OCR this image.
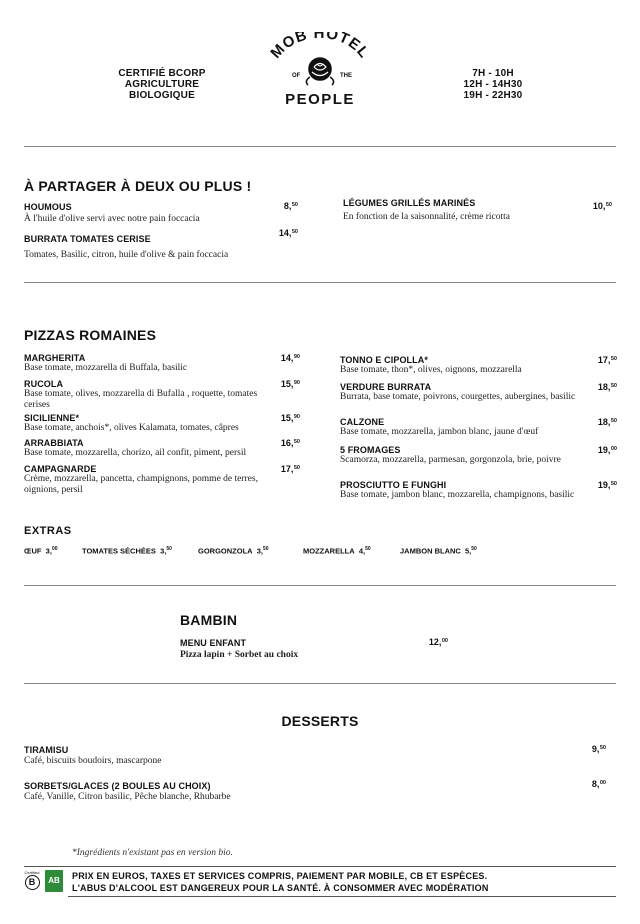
CERTIFIÉ BCORP
AGRICULTURE
BIOLOGIQUE
MOB HOTEL
OF	THE
PEOPLE
7H - 10H
12H - 14H30
19H - 22H30
À PARTAGER À DEUX OU PLUS !
HOUMOUS
À l'huile d'olive servi avec notre pain foccacia
8,50
BURRATA TOMATES CERISE
Tomates, Basilic, citron, huile d'olive & pain foccacia
14,50
LÉGUMES GRILLÉS MARINÉS
En fonction de la saisonnalité, crème ricotta
10,50
PIZZAS ROMAINES
MARGHERITA
Base tomate, mozzarella di Buffala, basilic
14,90
RUCOLA
Base tomate, olives, mozzarella di Bufalla , roquette, tomates cerises
15,90
SICILIENNE*
Base tomate, anchois*, olives Kalamata, tomates, câpres
15,90
ARRABBIATA
Base tomate, mozzarella, chorizo, ail confit, piment, persil
16,50
CAMPAGNARDE
Crème, mozzarella, pancetta, champignons, pomme de terres, oignions, persil
17,50
TONNO E CIPOLLA*
Base tomate, thon*, olives, oignons, mozzarella
17,50
VERDURE BURRATA
Burrata, base tomate, poivrons, courgettes, aubergines, basilic
18,50
CALZONE
Base tomate, mozzarella, jambon blanc, jaune d'œuf
18,50
5 FROMAGES
Scamorza, mozzarella, parmesan, gorgonzola, brie, poivre
19,00
PROSCIUTTO E FUNGHI
Base tomate, jambon blanc, mozzarella, champignons, basilic
19,50
EXTRAS
ŒUF 3,00	TOMATES SÉCHÉES 3,50	GORGONZOLA 3,50	MOZZARELLA 4,50	JAMBON BLANC 5,50
BAMBIN
MENU ENFANT
Pizza lapin + Sorbet au choix
12,00
DESSERTS
TIRAMISU
Café, biscuits boudoirs, mascarpone
9,50
SORBETS/GLACES (2 BOULES AU CHOIX)
Café, Vanille, Citron basilic, Pêche blanche, Rhubarbe
8,00
*Ingrédients n'existant pas en version bio.
Certified
B	AB	PRIX EN EUROS, TAXES ET SERVICES COMPRIS, PAIEMENT PAR MOBILE, CB ET ESPÈCES.
L'ABUS D'ALCOOL EST DANGEREUX POUR LA SANTÉ. À CONSOMMER AVEC MODÉRATION
